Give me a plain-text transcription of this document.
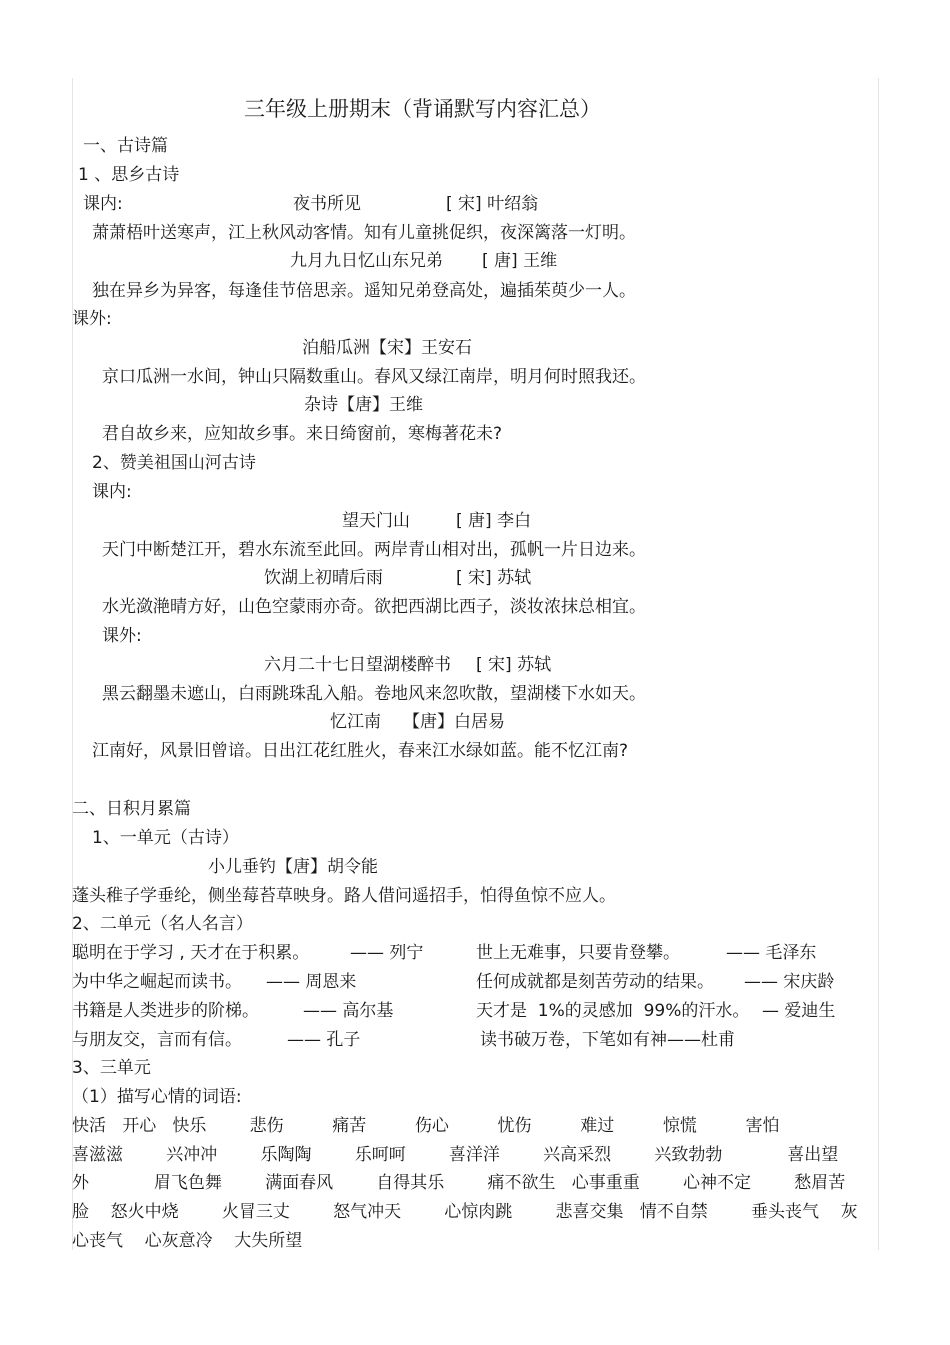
三年级上册期末（背诵默写内容汇总）
一、古诗篇
1 、思乡古诗
课内:	夜书所见	[ 宋] 叶绍翁
萧萧梧叶送寒声，江上秋风动客情。知有儿童挑促织，夜深篱落一灯明。
九月九日忆山东兄弟 [ 唐] 王维
独在异乡为异客，每逢佳节倍思亲。遥知兄弟登高处，遍插茱萸少一人。
课外:
泊船瓜洲【宋】王安石
京口瓜洲一水间，钟山只隔数重山。春风又绿江南岸，明月何时照我还。
杂诗【唐】王维
君自故乡来，应知故乡事。来日绮窗前，寒梅著花未?
2、赞美祖国山河古诗
课内:
望天门山	[ 唐] 李白
天门中断楚江开，碧水东流至此回。两岸青山相对出，孤帆一片日边来。
饮湖上初晴后雨	[ 宋] 苏轼
水光潋滟晴方好，山色空蒙雨亦奇。欲把西湖比西子，淡妆浓抹总相宜。
课外:
六月二十七日望湖楼醉书 [ 宋] 苏轼
黑云翻墨未遮山，白雨跳珠乱入船。卷地风来忽吹散，望湖楼下水如天。
忆江南 【唐】白居易
江南好，风景旧曾谙。日出江花红胜火，春来江水绿如蓝。能不忆江南?
二、日积月累篇
1、一单元（古诗）
小儿垂钓【唐】胡令能
蓬头稚子学垂纶，侧坐莓苔草映身。路人借问遥招手，怕得鱼惊不应人。
2、二单元（名人名言）
聪明在于学习 , 天才在于积累。 —— 列宁	世上无难事，只要肯登攀。	—— 毛泽东
为中华之崛起而读书。 —— 周恩来	任何成就都是刻苦劳动的结果。 —— 宋庆龄
书籍是人类进步的阶梯。	—— 高尔基	天才是  1%的灵感加  99%的汗水。 — 爱迪生
与朋友交，言而有信。	—— 孔子	读书破万卷，下笔如有神——杜甫
3、三单元
（1）描写心情的词语:
快活   开心   快乐        悲伤         痛苦         伤心         忧伤         难过         惊慌         害怕
喜滋滋        兴冲冲        乐陶陶        乐呵呵        喜洋洋        兴高采烈        兴致勃勃            喜出望
外            眉飞色舞        满面春风        自得其乐        痛不欲生   心事重重        心神不定        愁眉苦
脸    怒火中烧        火冒三丈        怒气冲天        心惊肉跳        悲喜交集   情不自禁        垂头丧气    灰
心丧气    心灰意冷    大失所望
